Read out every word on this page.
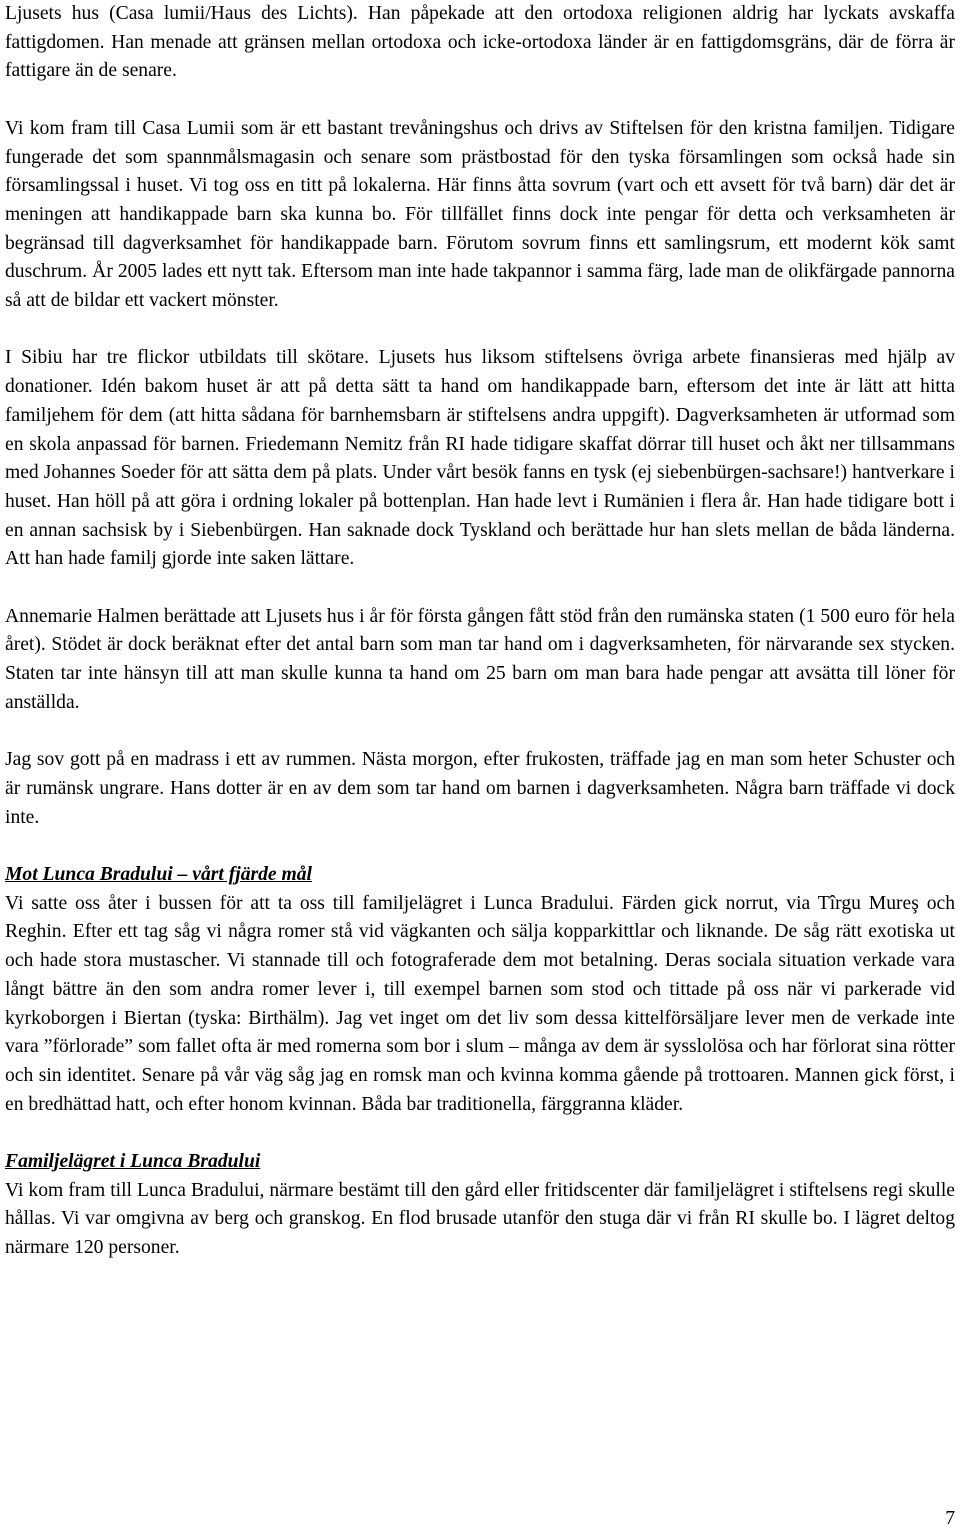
Ljusets hus (Casa lumii/Haus des Lichts). Han påpekade att den ortodoxa religionen aldrig har lyckats avskaffa fattigdomen. Han menade att gränsen mellan ortodoxa och icke-ortodoxa länder är en fattigdomsgräns, där de förra är fattigare än de senare.

Vi kom fram till Casa Lumii som är ett bastant trevåningshus och drivs av Stiftelsen för den kristna familjen. Tidigare fungerade det som spannmålsmagasin och senare som prästbostad för den tyska församlingen som också hade sin församlingssal i huset. Vi tog oss en titt på lokalerna. Här finns åtta sovrum (vart och ett avsett för två barn) där det är meningen att handikappade barn ska kunna bo. För tillfället finns dock inte pengar för detta och verksamheten är begränsad till dagverksamhet för handikappade barn. Förutom sovrum finns ett samlingsrum, ett modernt kök samt duschrum. År 2005 lades ett nytt tak. Eftersom man inte hade takpannor i samma färg, lade man de olikfärgade pannorna så att de bildar ett vackert mönster.

I Sibiu har tre flickor utbildats till skötare. Ljusets hus liksom stiftelsens övriga arbete finansieras med hjälp av donationer. Idén bakom huset är att på detta sätt ta hand om handikappade barn, eftersom det inte är lätt att hitta familjehem för dem (att hitta sådana för barnhemsbarn är stiftelsens andra uppgift). Dagverksamheten är utformad som en skola anpassad för barnen. Friedemann Nemitz från RI hade tidigare skaffat dörrar till huset och åkt ner tillsammans med Johannes Soeder för att sätta dem på plats. Under vårt besök fanns en tysk (ej siebenbürgen-sachsare!) hantverkare i huset. Han höll på att göra i ordning lokaler på bottenplan. Han hade levt i Rumänien i flera år. Han hade tidigare bott i en annan sachsisk by i Siebenbürgen. Han saknade dock Tyskland och berättade hur han slets mellan de båda länderna. Att han hade familj gjorde inte saken lättare.

Annemarie Halmen berättade att Ljusets hus i år för första gången fått stöd från den rumänska staten (1 500 euro för hela året). Stödet är dock beräknat efter det antal barn som man tar hand om i dagverksamheten, för närvarande sex stycken. Staten tar inte hänsyn till att man skulle kunna ta hand om 25 barn om man bara hade pengar att avsätta till löner för anställda.

Jag sov gott på en madrass i ett av rummen. Nästa morgon, efter frukosten, träffade jag en man som heter Schuster och är rumänsk ungrare. Hans dotter är en av dem som tar hand om barnen i dagverksamheten. Några barn träffade vi dock inte.

Mot Lunca Bradului – vårt fjärde mål

Vi satte oss åter i bussen för att ta oss till familjelägret i Lunca Bradului. Färden gick norrut, via Tîrgu Mureş och Reghin. Efter ett tag såg vi några romer stå vid vägkanten och sälja kopparkittlar och liknande. De såg rätt exotiska ut och hade stora mustascher. Vi stannade till och fotograferade dem mot betalning. Deras sociala situation verkade vara långt bättre än den som andra romer lever i, till exempel barnen som stod och tittade på oss när vi parkerade vid kyrkoborgen i Biertan (tyska: Birthälm). Jag vet inget om det liv som dessa kittelförsäljare lever men de verkade inte vara ”förlorade” som fallet ofta är med romerna som bor i slum – många av dem är sysslolösa och har förlorat sina rötter och sin identitet. Senare på vår väg såg jag en romsk man och kvinna komma gående på trottoaren. Mannen gick först, i en bredhättad hatt, och efter honom kvinnan. Båda bar traditionella, färggranna kläder.

Familjelägret i Lunca Bradului

Vi kom fram till Lunca Bradului, närmare bestämt till den gård eller fritidscenter där familjelägret i stiftelsens regi skulle hållas. Vi var omgivna av berg och granskog. En flod brusade utanför den stuga där vi från RI skulle bo. I lägret deltog närmare 120 personer.

7
